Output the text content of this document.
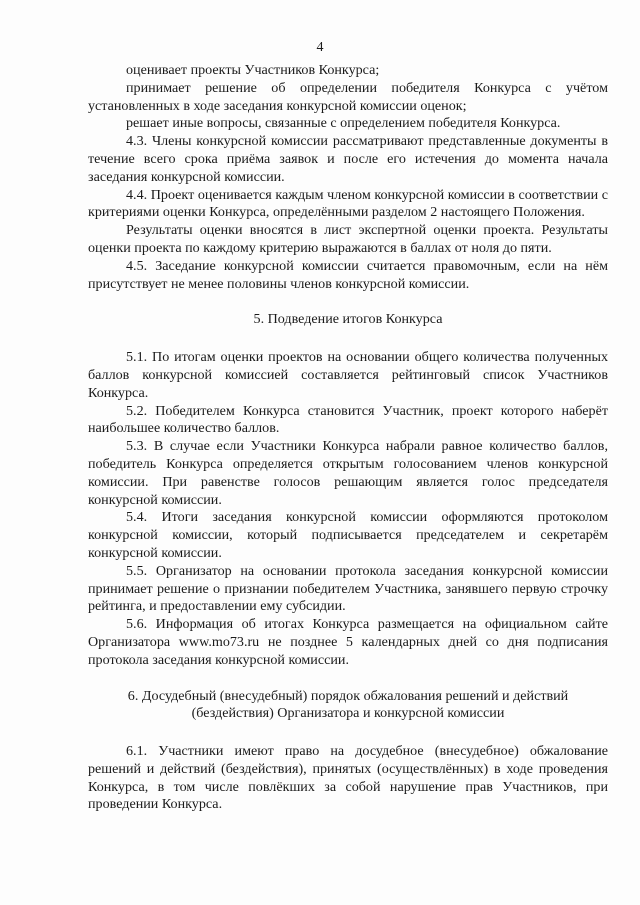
4

оценивает проекты Участников Конкурса;

принимает решение об определении победителя Конкурса с учётом установленных в ходе заседания конкурсной комиссии оценок;

решает иные вопросы, связанные с определением победителя Конкурса.

4.3. Члены конкурсной комиссии рассматривают представленные документы в течение всего срока приёма заявок и после его истечения до момента начала заседания конкурсной комиссии.

4.4. Проект оценивается каждым членом конкурсной комиссии в соответствии с критериями оценки Конкурса, определёнными разделом 2 настоящего Положения.

Результаты оценки вносятся в лист экспертной оценки проекта. Результаты оценки проекта по каждому критерию выражаются в баллах от ноля до пяти.

4.5. Заседание конкурсной комиссии считается правомочным, если на нём присутствует не менее половины членов конкурсной комиссии.

5. Подведение итогов Конкурса

5.1. По итогам оценки проектов на основании общего количества полученных баллов конкурсной комиссией составляется рейтинговый список Участников Конкурса.

5.2. Победителем Конкурса становится Участник, проект которого наберёт наибольшее количество баллов.

5.3. В случае если Участники Конкурса набрали равное количество баллов, победитель Конкурса определяется открытым голосованием членов конкурсной комиссии. При равенстве голосов решающим является голос председателя конкурсной комиссии.

5.4. Итоги заседания конкурсной комиссии оформляются протоколом конкурсной комиссии, который подписывается председателем и секретарём конкурсной комиссии.

5.5. Организатор на основании протокола заседания конкурсной комиссии принимает решение о признании победителем Участника, занявшего первую строчку рейтинга, и предоставлении ему субсидии.

5.6. Информация об итогах Конкурса размещается на официальном сайте Организатора www.mo73.ru не позднее 5 календарных дней со дня подписания протокола заседания конкурсной комиссии.

6. Досудебный (внесудебный) порядок обжалования решений и действий

(бездействия) Организатора и конкурсной комиссии

6.1. Участники имеют право на досудебное (внесудебное) обжалование решений и действий (бездействия), принятых (осуществлённых) в ходе проведения Конкурса, в том числе повлёкших за собой нарушение прав Участников, при проведении Конкурса.
